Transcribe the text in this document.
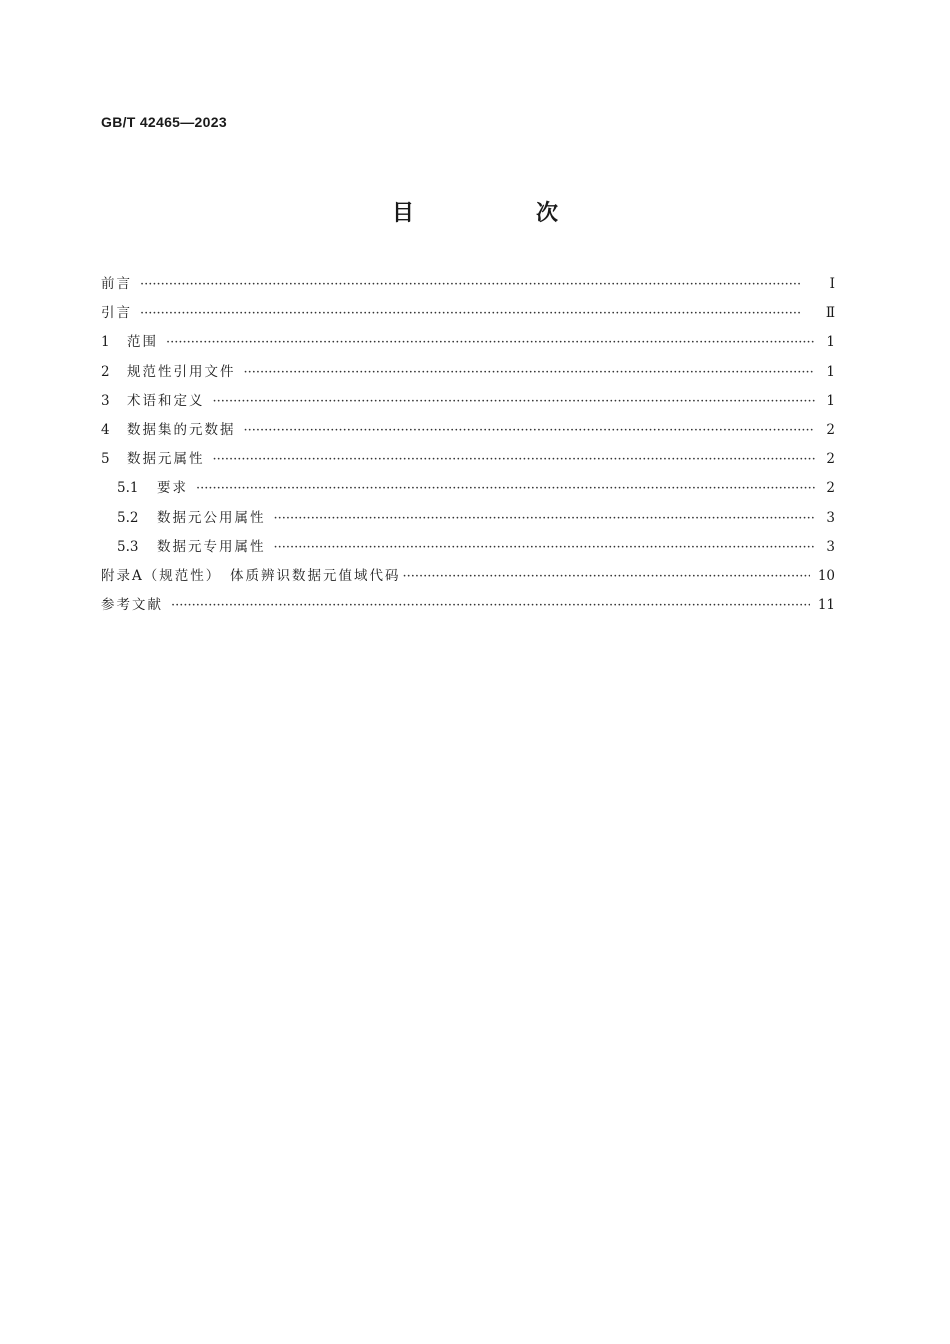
GB/T 42465—2023
目　次
前言 ·····	Ⅰ
引言 ·····	Ⅱ
1	范围 ·····	1
2	规范性引用文件 ·····	1
3	术语和定义 ·····	1
4	数据集的元数据 ·····	2
5	数据元属性 ·····	2
5.1	要求 ·····	2
5.2	数据元公用属性 ·····	3
5.3	数据元专用属性 ·····	3
附录A（规范性）　体质辨识数据元值域代码 ·····	10
参考文献 ·····	11
